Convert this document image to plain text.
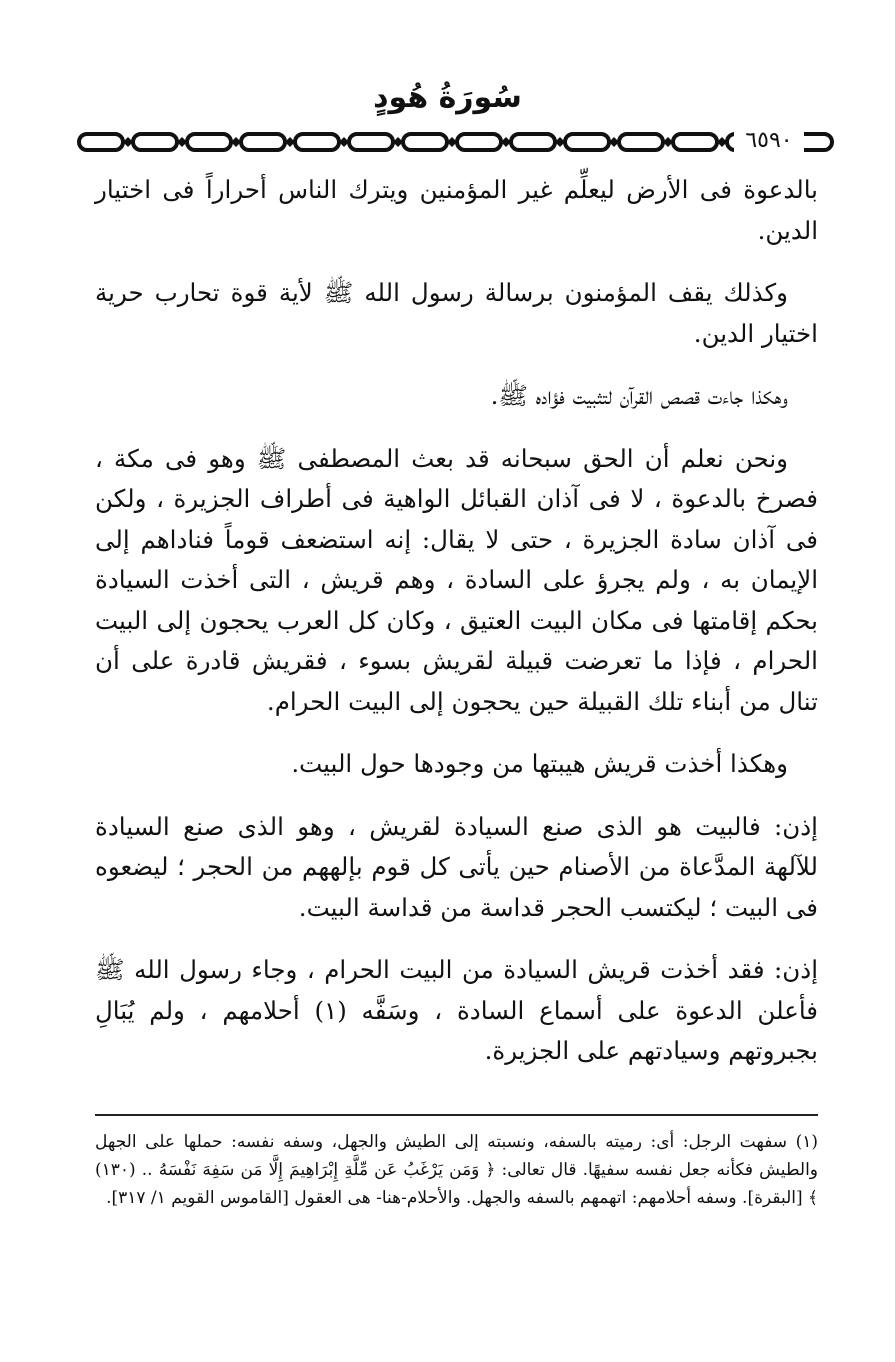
سُورَةُ هُودٍ
٦٥٩٠

بالدعوة فى الأرض ليعلِّم غير المؤمنين ويترك الناس أحراراً فى اختيار الدين.

وكذلك يقف المؤمنون برسالة رسول الله ﷺ لأية قوة تحارب حرية اختيار الدين.

وهكذا جاءت قصص القرآن لتثبيت فؤاده ﷺ.

ونحن نعلم أن الحق سبحانه قد بعث المصطفى ﷺ وهو فى مكة ، فصرخ بالدعوة ، لا فى آذان القبائل الواهية فى أطراف الجزيرة ، ولكن فى آذان سادة الجزيرة ، حتى لا يقال: إنه استضعف قوماً فناداهم إلى الإيمان به ، ولم يجرؤ على السادة ، وهم قريش ، التى أخذت السيادة بحكم إقامتها فى مكان البيت العتيق ، وكان كل العرب يحجون إلى البيت الحرام ، فإذا ما تعرضت قبيلة لقريش بسوء ، فقريش قادرة على أن تنال من أبناء تلك القبيلة حين يحجون إلى البيت الحرام.

وهكذا أخذت قريش هيبتها من وجودها حول البيت.

إذن: فالبيت هو الذى صنع السيادة لقريش ، وهو الذى صنع السيادة للآلهة المدَّعاة من الأصنام حين يأتى كل قوم بإلههم من الحجر ؛ ليضعوه فى البيت ؛ ليكتسب الحجر قداسة من قداسة البيت.

إذن: فقد أخذت قريش السيادة من البيت الحرام ، وجاء رسول الله ﷺ فأعلن الدعوة على أسماع السادة ، وسَفَّه (١) أحلامهم ، ولم يُبَالِ بجبروتهم وسيادتهم على الجزيرة.

(١) سفهت الرجل: أى: رميته بالسفه، ونسبته إلى الطيش والجهل، وسفه نفسه: حملها على الجهل والطيش فكأنه جعل نفسه سفيهًا. قال تعالى: ﴿ وَمَن يَرْغَبُ عَن مِّلَّةِ إِبْرَاهِيمَ إِلَّا مَن سَفِهَ نَفْسَهُ .. (١٣٠) ﴾ [البقرة]. وسفه أحلامهم: اتهمهم بالسفه والجهل. والأحلام-هنا- هى العقول [القاموس القويم ١/ ٣١٧].
